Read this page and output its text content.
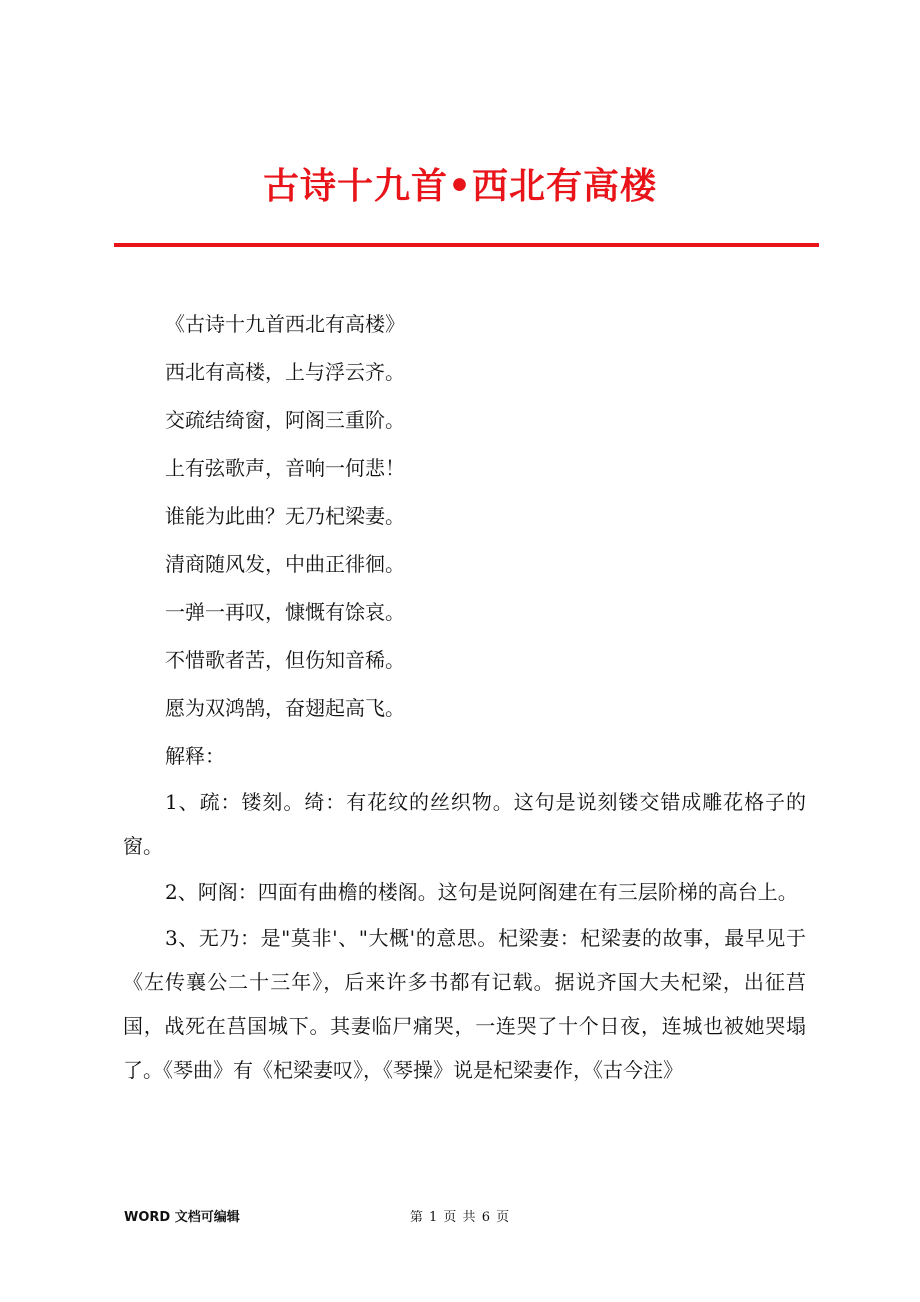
古诗十九首•西北有高楼

《古诗十九首西北有高楼》

西北有高楼，上与浮云齐。

交疏结绮窗，阿阁三重阶。

上有弦歌声，音响一何悲！

谁能为此曲？无乃杞梁妻。

清商随风发，中曲正徘徊。

一弹一再叹，慷慨有馀哀。

不惜歌者苦，但伤知音稀。

愿为双鸿鹄，奋翅起高飞。

解释：

1、疏：镂刻。绮：有花纹的丝织物。这句是说刻镂交错成雕花格子的窗。

2、阿阁：四面有曲檐的楼阁。这句是说阿阁建在有三层阶梯的高台上。

3、无乃：是"莫非'、"大概'的意思。杞梁妻：杞梁妻的故事，最早见于《左传襄公二十三年》，后来许多书都有记载。据说齐国大夫杞梁，出征莒国，战死在莒国城下。其妻临尸痛哭，一连哭了十个日夜，连城也被她哭塌了。《琴曲》有《杞梁妻叹》，《琴操》说是杞梁妻作，《古今注》

WORD 文档可编辑	第 1 页 共 6 页
